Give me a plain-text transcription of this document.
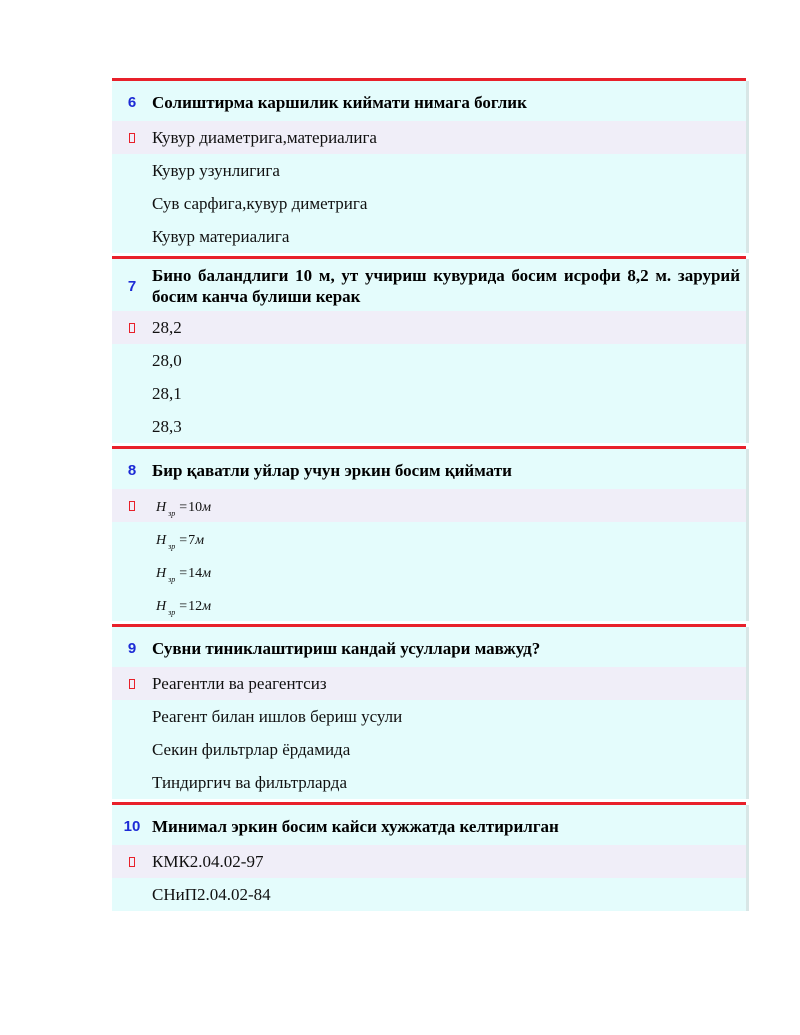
6 Солиштирма каршилик киймати нимага боглик
Кувур диаметрига,материалига
Кувур узунлигига
Сув сарфига,кувур диметрига
Кувур материалига
7
Бино баландлиги 10 м, ут учириш кувурида босим исрофи 8,2 м. зарурий босим канча булиши керак
28,2
28,0
28,1
28,3
8 Бир қаватли уйлар учун эркин босим қиймати
H зр = 10 м
H зр = 7 м
H зр = 14 м
H зр = 12 м
9 Сувни тиниклаштириш кандай усуллари мавжуд?
Реагентли ва реагентсиз
Реагент билан ишлов бериш усули
Секин фильтрлар ёрдамида
Тиндиргич ва фильтрларда
10 Минимал эркин босим кайси хужжатда келтирилган
КМК2.04.02-97
СНиП2.04.02-84
